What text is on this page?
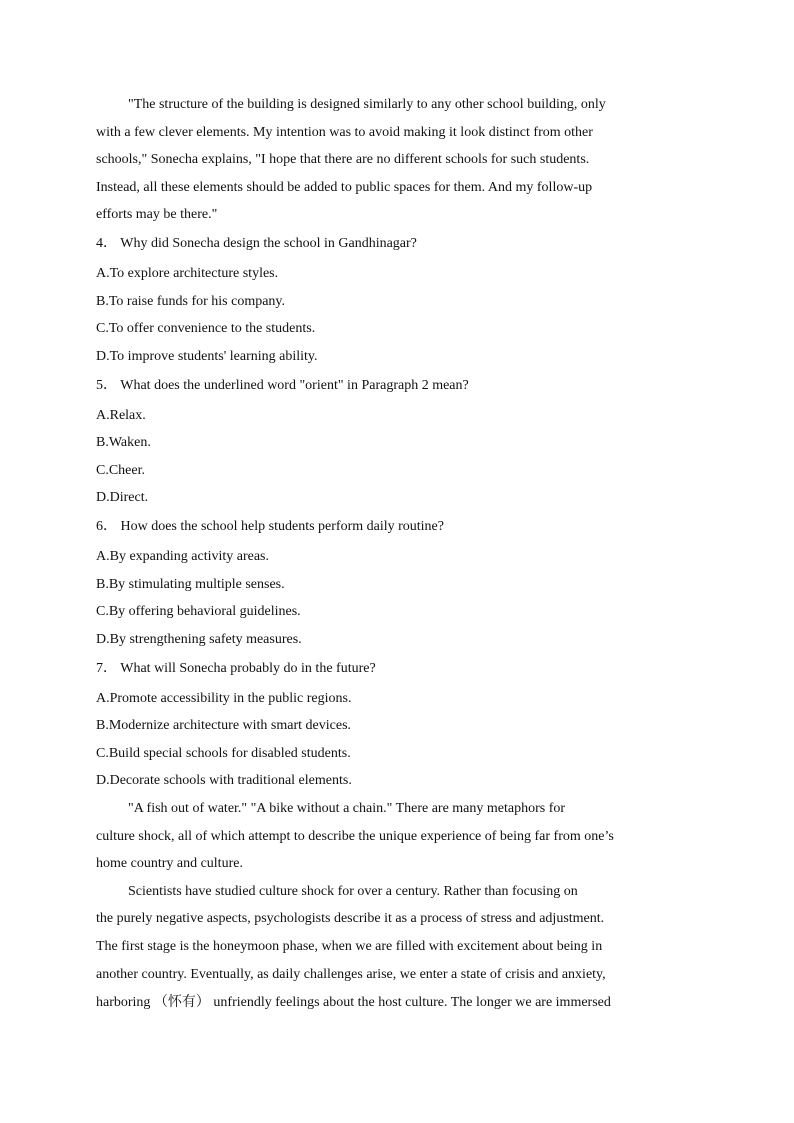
"The structure of the building is designed similarly to any other school building, only
with a few clever elements. My intention was to avoid making it look distinct from other
schools," Sonecha explains, "I hope that there are no different schools for such students.
Instead, all these elements should be added to public spaces for them. And my follow-up
efforts may be there."
4． Why did Sonecha design the school in Gandhinagar?
A.To explore architecture styles.
B.To raise funds for his company.
C.To offer convenience to the students.
D.To improve students' learning ability.
5． What does the underlined word "orient" in Paragraph 2 mean?
A.Relax.
B.Waken.
C.Cheer.
D.Direct.
6． How does the school help students perform daily routine?
A.By expanding activity areas.
B.By stimulating multiple senses.
C.By offering behavioral guidelines.
D.By strengthening safety measures.
7． What will Sonecha probably do in the future?
A.Promote accessibility in the public regions.
B.Modernize architecture with smart devices.
C.Build special schools for disabled students.
D.Decorate schools with traditional elements.
"A fish out of water." "A bike without a chain." There are many metaphors for
culture shock, all of which attempt to describe the unique experience of being far from one’s
home country and culture.
Scientists have studied culture shock for over a century. Rather than focusing on
the purely negative aspects, psychologists describe it as a process of stress and adjustment.
The first stage is the honeymoon phase, when we are filled with excitement about being in
another country. Eventually, as daily challenges arise, we enter a state of crisis and anxiety,
harboring （怀有） unfriendly feelings about the host culture. The longer we are immersed
